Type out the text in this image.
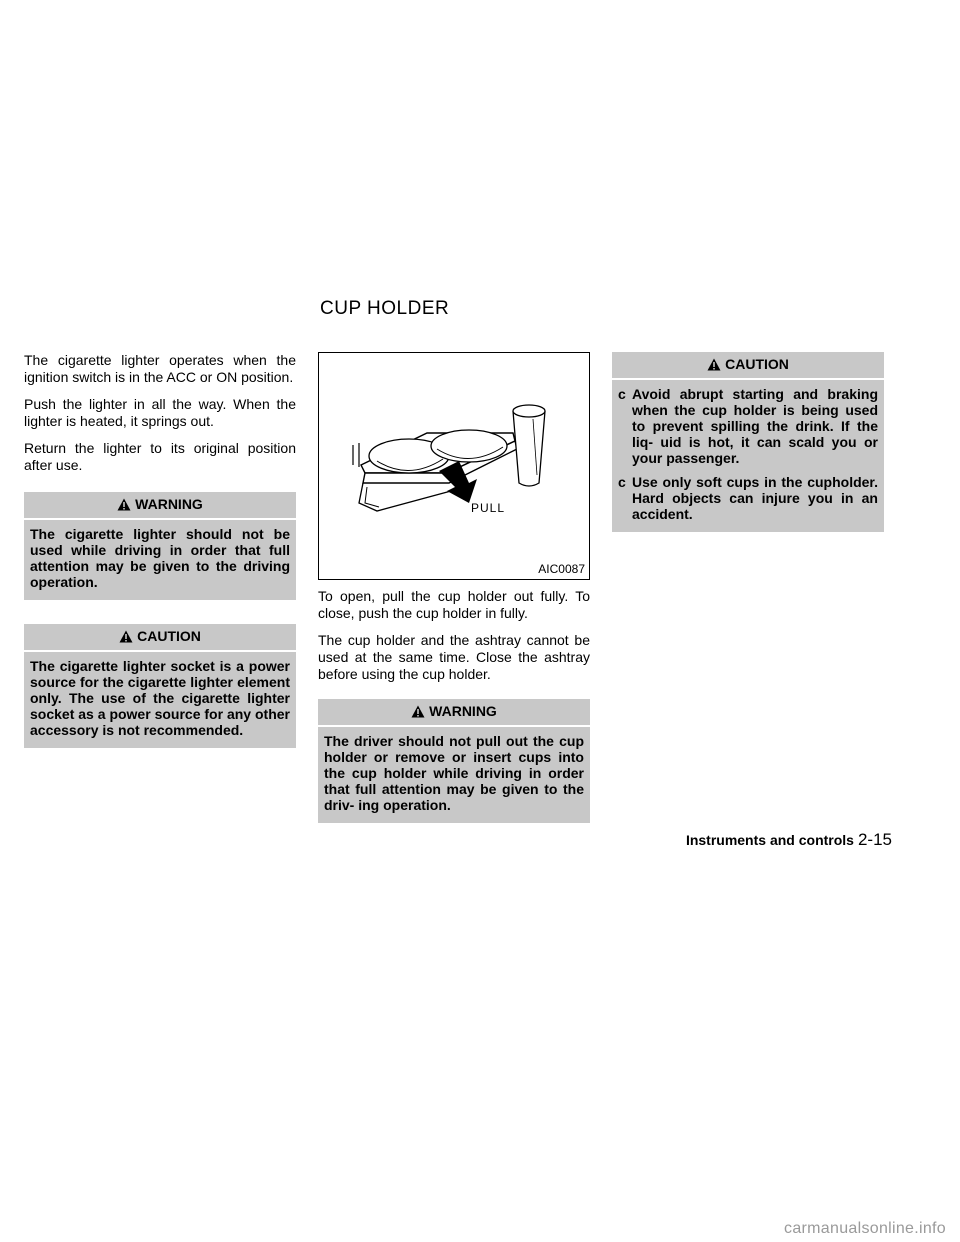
CUP HOLDER

The cigarette lighter operates when the ignition switch is in the ACC or ON position.

Push the lighter in all the way. When the lighter is heated, it springs out.

Return the lighter to its original position after use.

WARNING

The cigarette lighter should not be used while driving in order that full attention may be given to the driving operation.

CAUTION

The cigarette lighter socket is a power source for the cigarette lighter element only. The use of the cigarette lighter socket as a power source for any other accessory is not recommended.

PULL
AIC0087

To open, pull the cup holder out fully. To close, push the cup holder in fully.

The cup holder and the ashtray cannot be used at the same time. Close the ashtray before using the cup holder.

WARNING

The driver should not pull out the cup holder or remove or insert cups into the cup holder while driving in order that full attention may be given to the driv- ing operation.

CAUTION
c Avoid abrupt starting and braking when the cup holder is being used to prevent spilling the drink. If the liq- uid is hot, it can scald you or your passenger.
c Use only soft cups in the cupholder. Hard objects can injure you in an accident.
Instruments and controls 2-15
carmanualsonline.info
